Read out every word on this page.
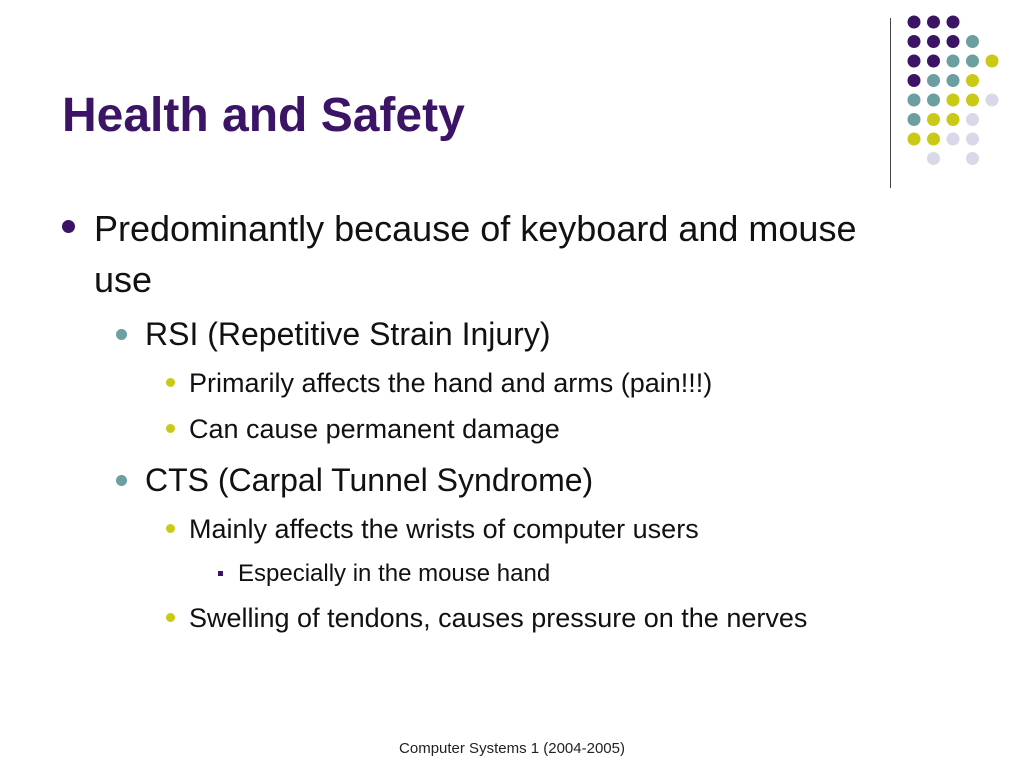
Health and Safety
Predominantly because of keyboard and mouse use
RSI (Repetitive Strain Injury)
Primarily affects the hand and arms (pain!!!)
Can cause permanent damage
CTS (Carpal Tunnel Syndrome)
Mainly affects the wrists of computer users
Especially in the mouse hand
Swelling of tendons, causes pressure on the nerves
Computer Systems 1 (2004-2005)
